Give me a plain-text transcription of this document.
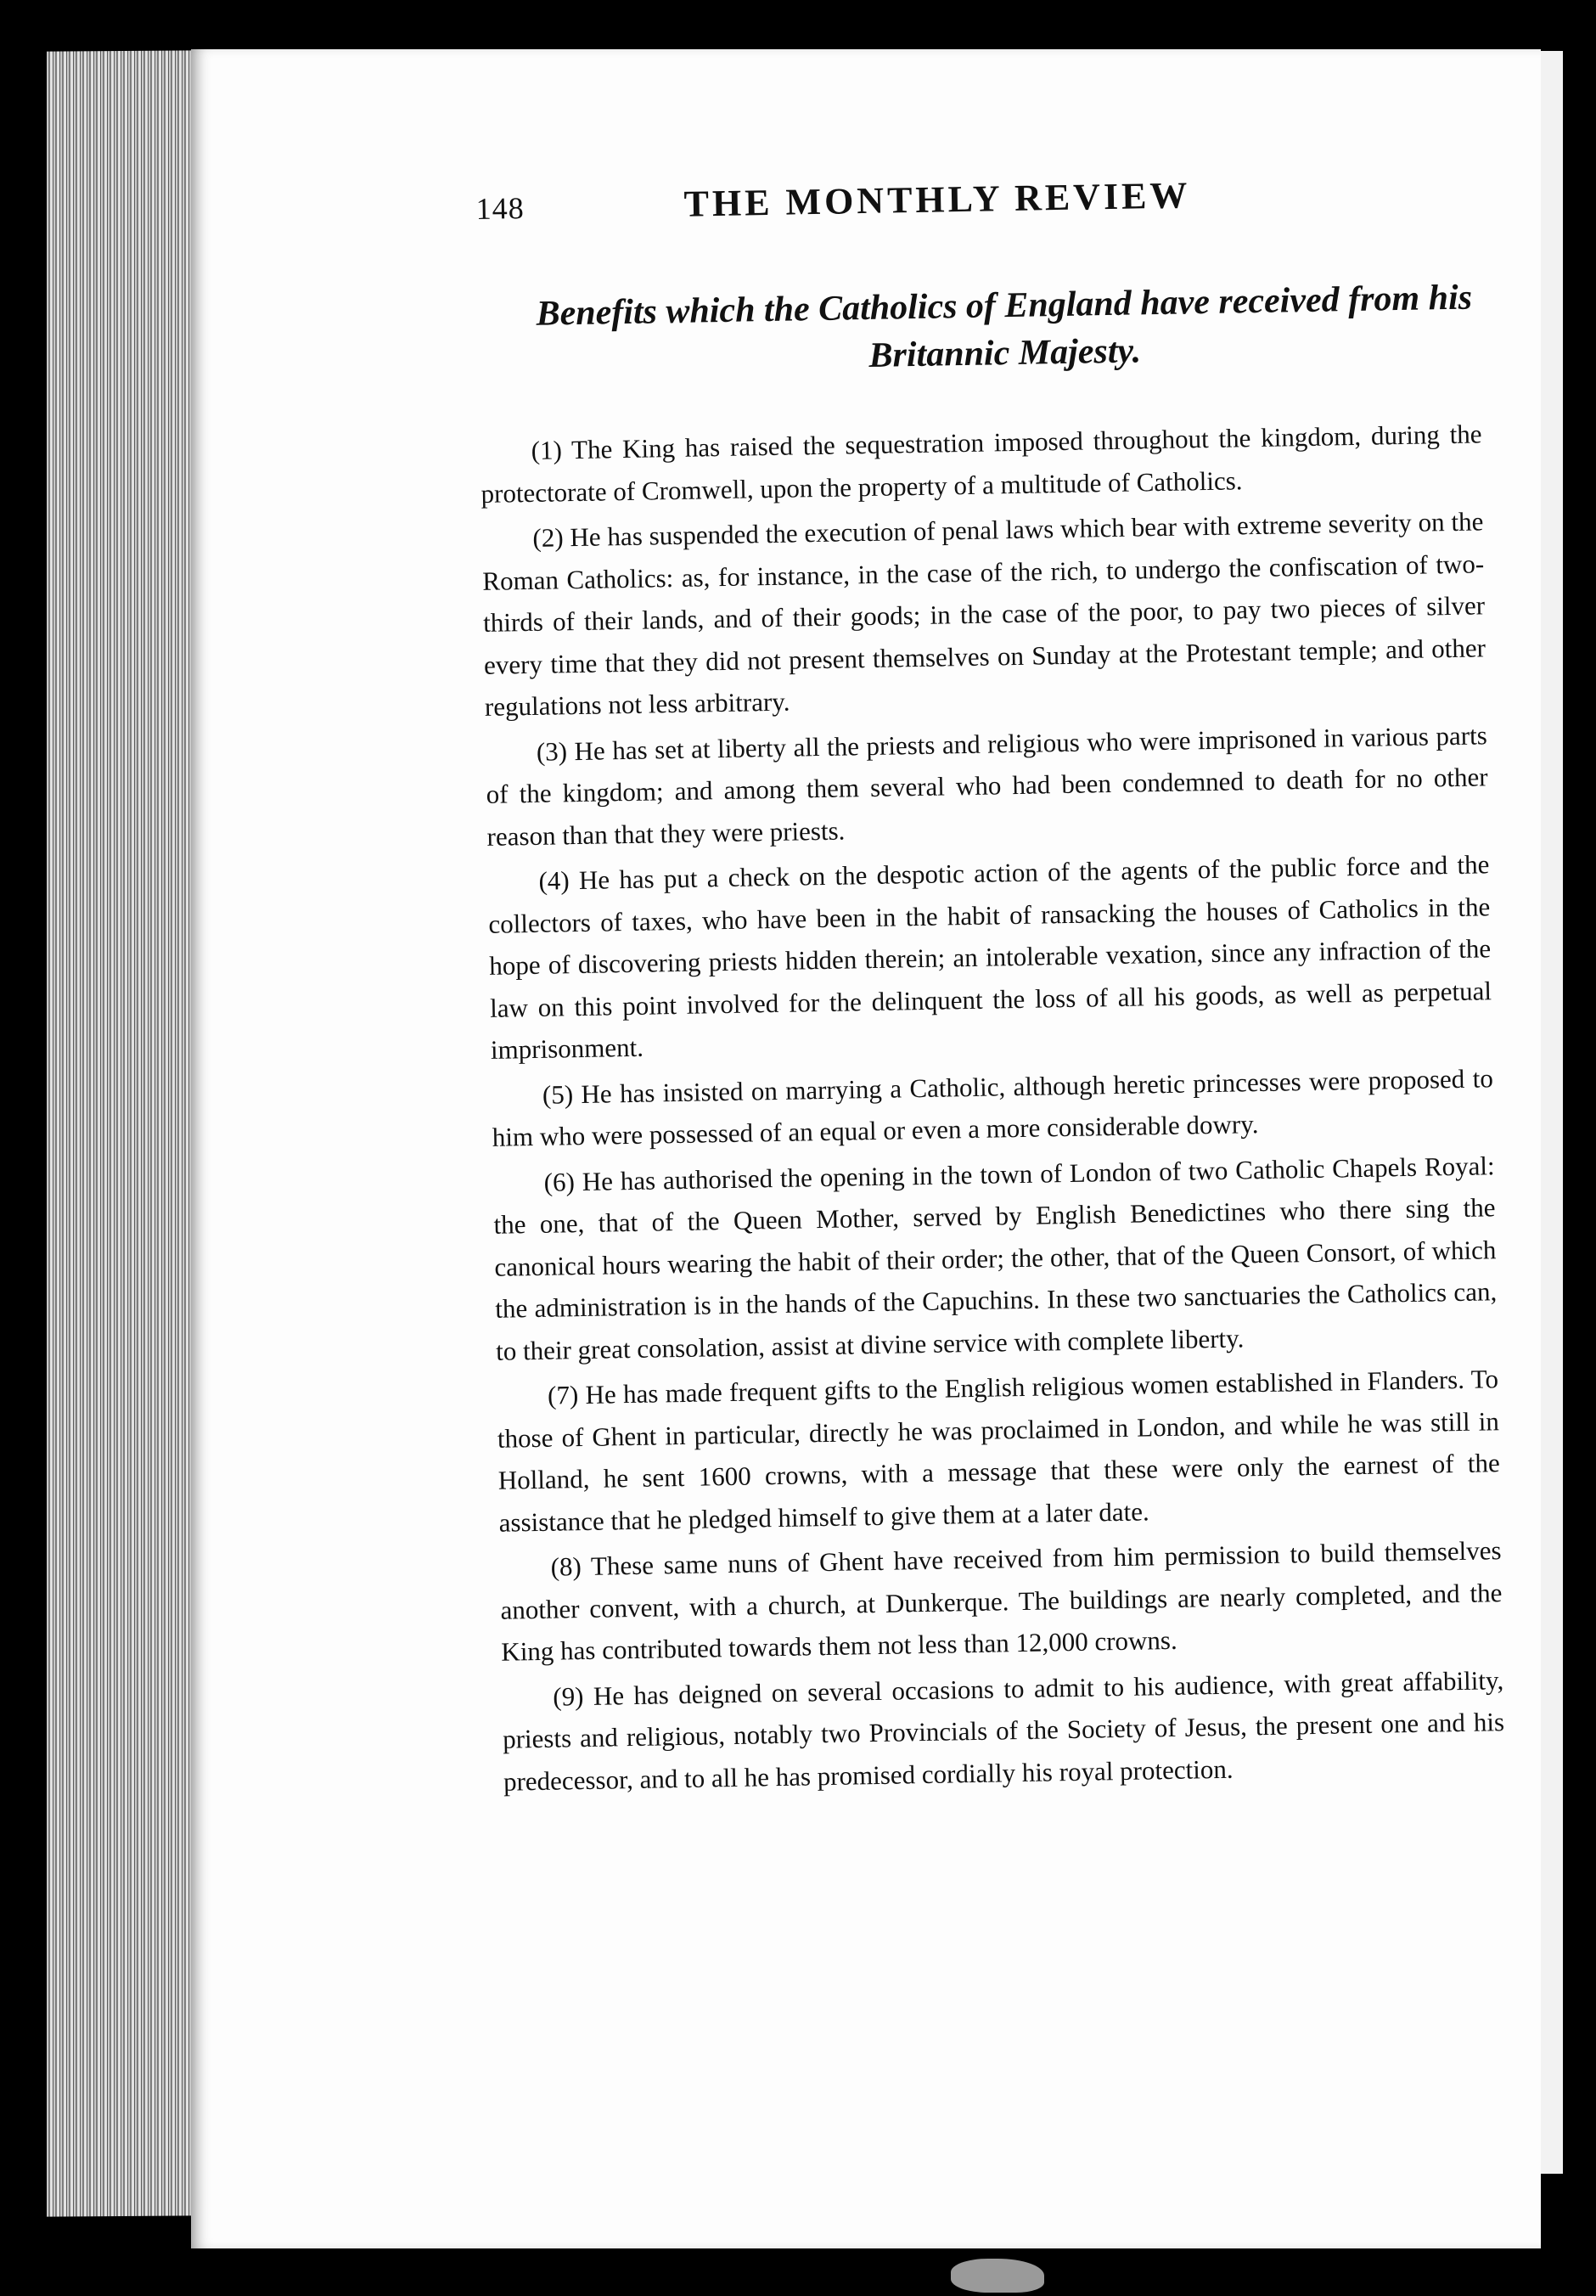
148	THE MONTHLY REVIEW
Benefits which the Catholics of England have received from his Britannic Majesty.

(1) The King has raised the sequestration imposed throughout the kingdom, during the protectorate of Cromwell, upon the property of a multitude of Catholics.

(2) He has suspended the execution of penal laws which bear with extreme severity on the Roman Catholics: as, for instance, in the case of the rich, to undergo the confiscation of two-thirds of their lands, and of their goods; in the case of the poor, to pay two pieces of silver every time that they did not present themselves on Sunday at the Protestant temple; and other regulations not less arbitrary.

(3) He has set at liberty all the priests and religious who were imprisoned in various parts of the kingdom; and among them several who had been condemned to death for no other reason than that they were priests.

(4) He has put a check on the despotic action of the agents of the public force and the collectors of taxes, who have been in the habit of ransacking the houses of Catholics in the hope of discovering priests hidden therein; an intolerable vexation, since any infraction of the law on this point involved for the delinquent the loss of all his goods, as well as perpetual imprisonment.

(5) He has insisted on marrying a Catholic, although heretic princesses were proposed to him who were possessed of an equal or even a more considerable dowry.

(6) He has authorised the opening in the town of London of two Catholic Chapels Royal: the one, that of the Queen Mother, served by English Benedictines who there sing the canonical hours wearing the habit of their order; the other, that of the Queen Consort, of which the administration is in the hands of the Capuchins. In these two sanctuaries the Catholics can, to their great consolation, assist at divine service with complete liberty.

(7) He has made frequent gifts to the English religious women established in Flanders. To those of Ghent in particular, directly he was proclaimed in London, and while he was still in Holland, he sent 1600 crowns, with a message that these were only the earnest of the assistance that he pledged himself to give them at a later date.

(8) These same nuns of Ghent have received from him permission to build themselves another convent, with a church, at Dunkerque. The buildings are nearly completed, and the King has contributed towards them not less than 12,000 crowns.

(9) He has deigned on several occasions to admit to his audience, with great affability, priests and religious, notably two Provincials of the Society of Jesus, the present one and his predecessor, and to all he has promised cordially his royal protection.
